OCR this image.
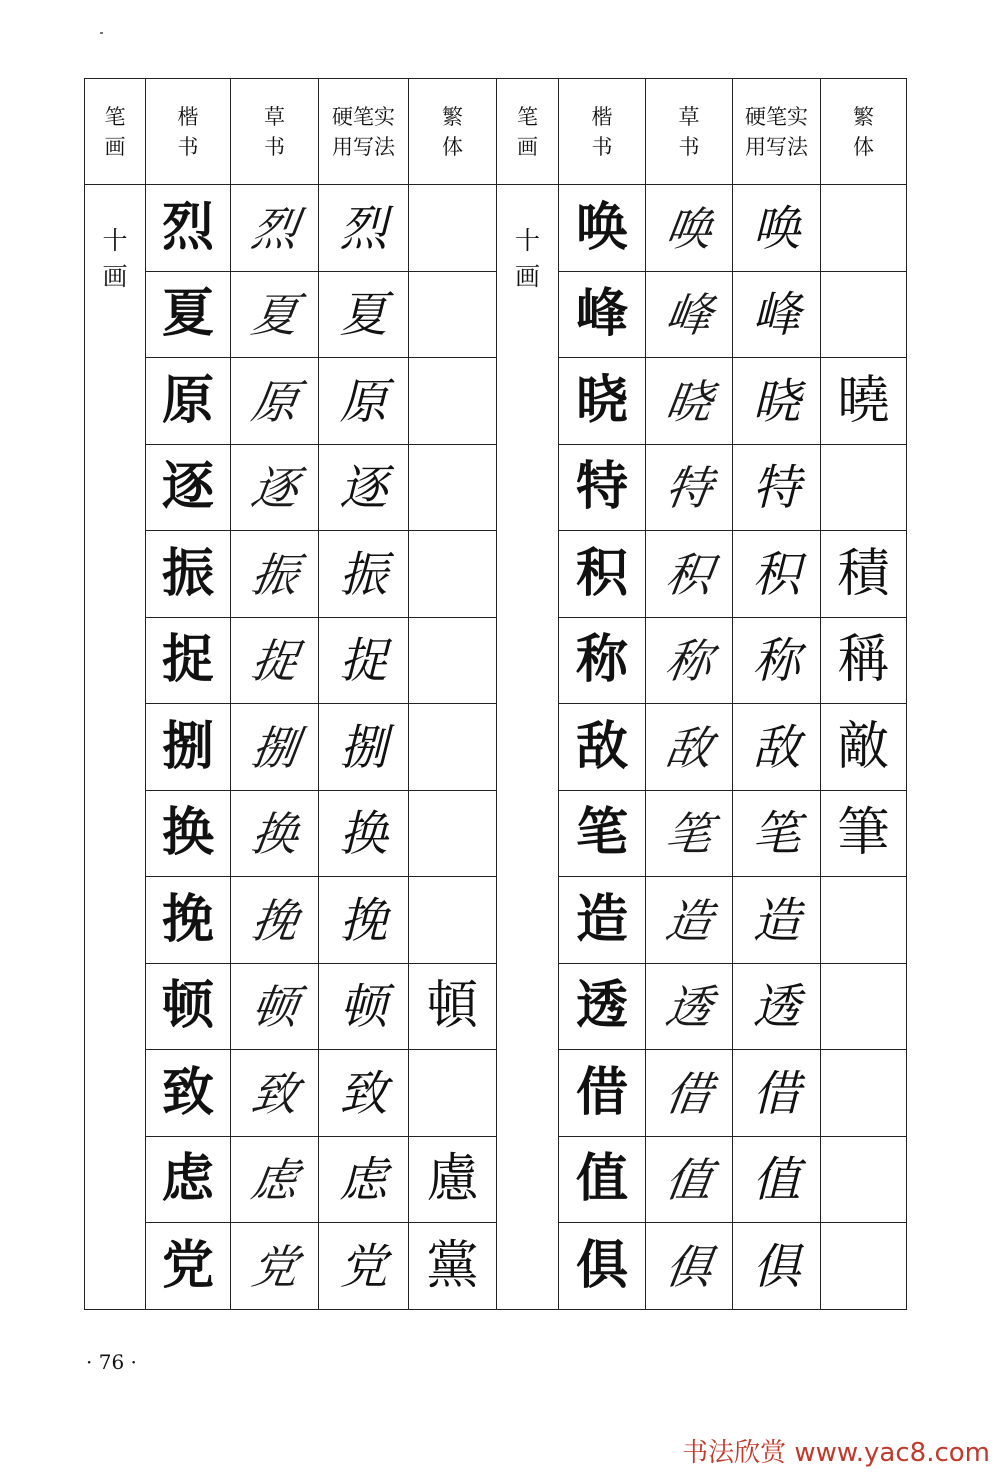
笔画	楷书	草书	硬笔实用写法	繁体	笔画	楷书	草书	硬笔实用写法	繁体
十画	烈	烈	烈		十画	唤	唤	唤	
	夏	夏	夏			峰	峰	峰	
	原	原	原			晓	晓	晓	曉
	逐	逐	逐			特	特	特	
	振	振	振			积	积	积	積
	捉	捉	捉			称	称	称	稱
	捌	捌	捌			敌	敌	敌	敵
	换	换	换			笔	笔	笔	筆
	挽	挽	挽			造	造	造	
	顿	顿	顿	頓		透	透	透	
	致	致	致			借	借	借	
	虑	虑	虑	慮		值	值	值	
	党	党	党	黨		俱	俱	俱	
· 76 ·
书法欣赏 www.yac8.com
